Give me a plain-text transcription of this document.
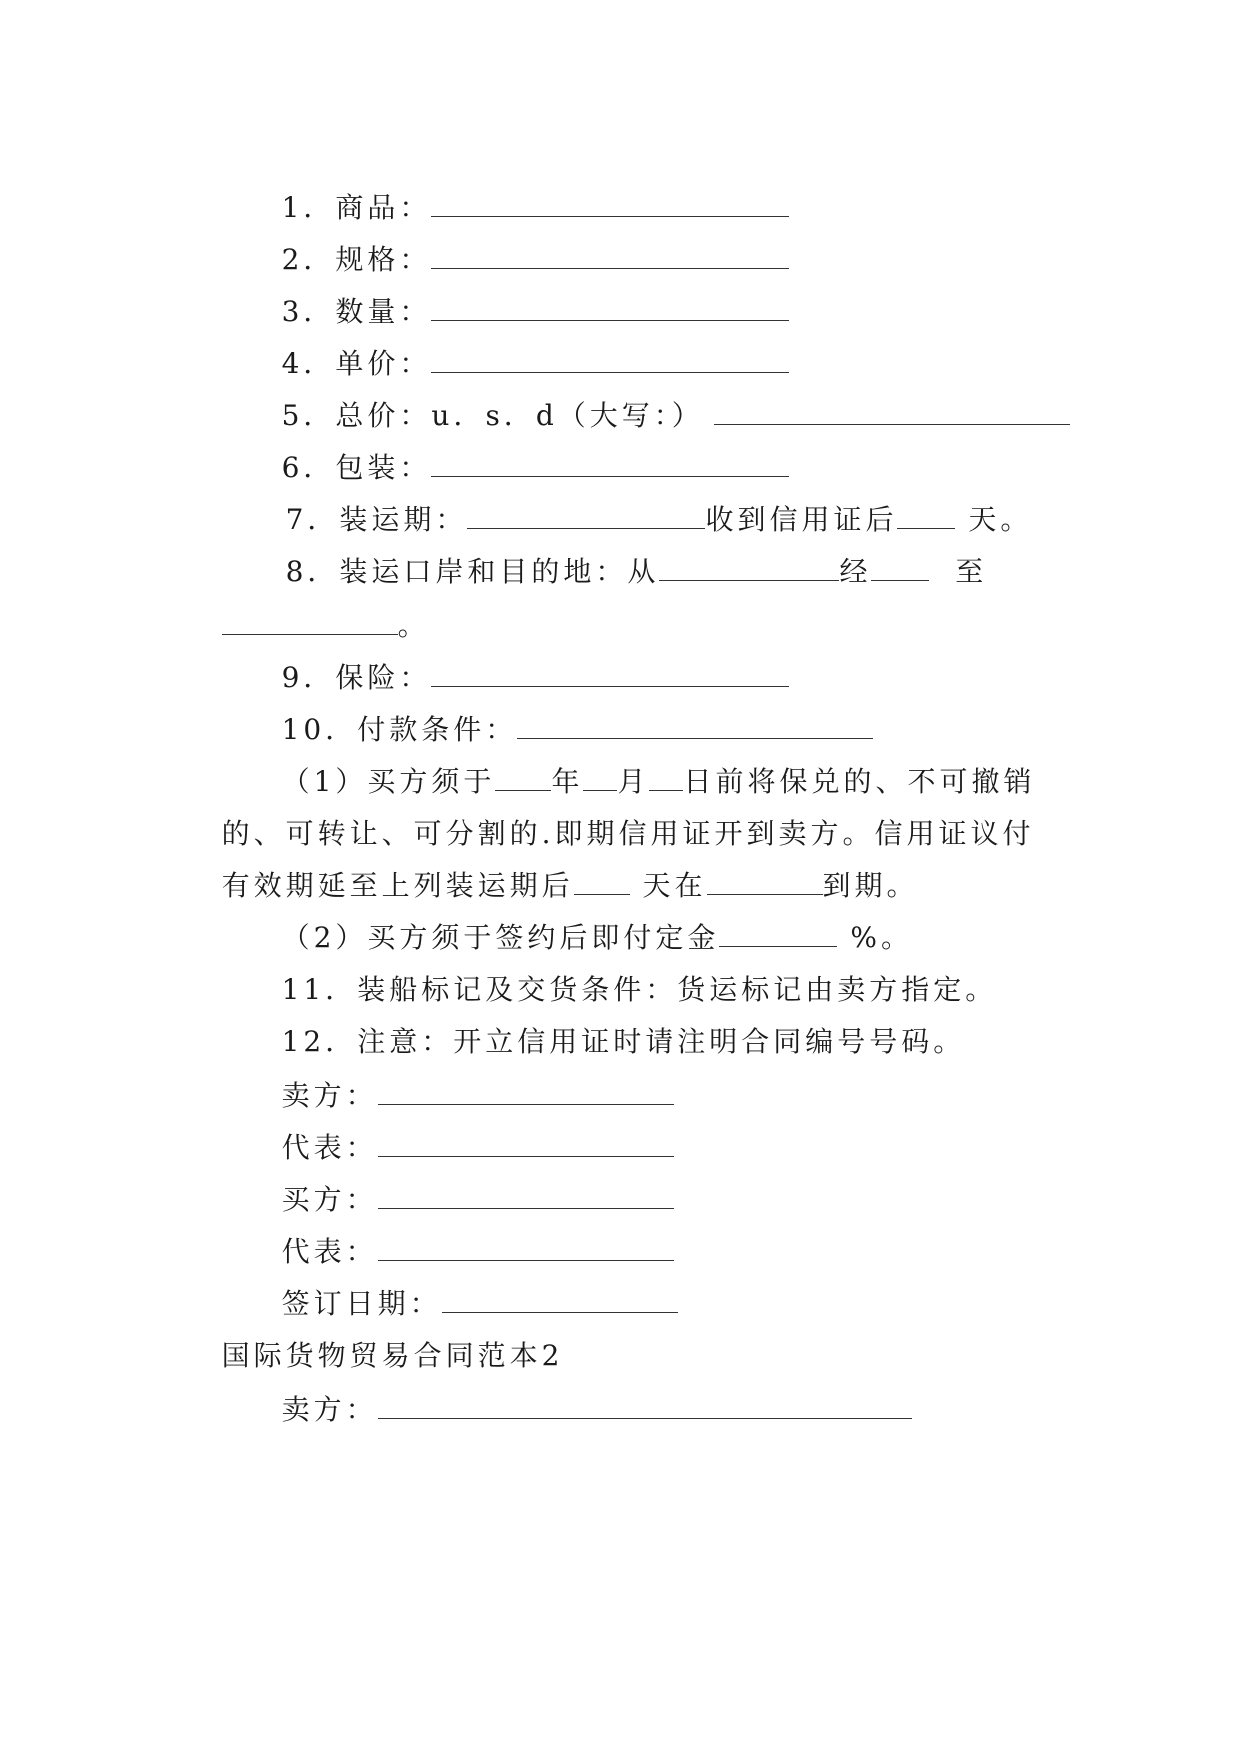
1．商品：

2．规格：

3．数量：

4．单价：

5．总价：u．s．d（大写：）

6．包装：

7．装运期：	收到信用证后	天。

8．装运口岸和目的地：从	经	至

。

9．保险：

10．付款条件：

（1）买方须于 年 月 日前将保兑的、不可撤销

的、可转让、可分割的.即期信用证开到卖方。信用证议付

有效期延至上列装运期后 天在	到期。

（2）买方须于签约后即付定金	%。

11．装船标记及交货条件：货运标记由卖方指定。

12．注意：开立信用证时请注明合同编号号码。

卖方：

代表：

买方：

代表：

签订日期：

国际货物贸易合同范本2

卖方：
